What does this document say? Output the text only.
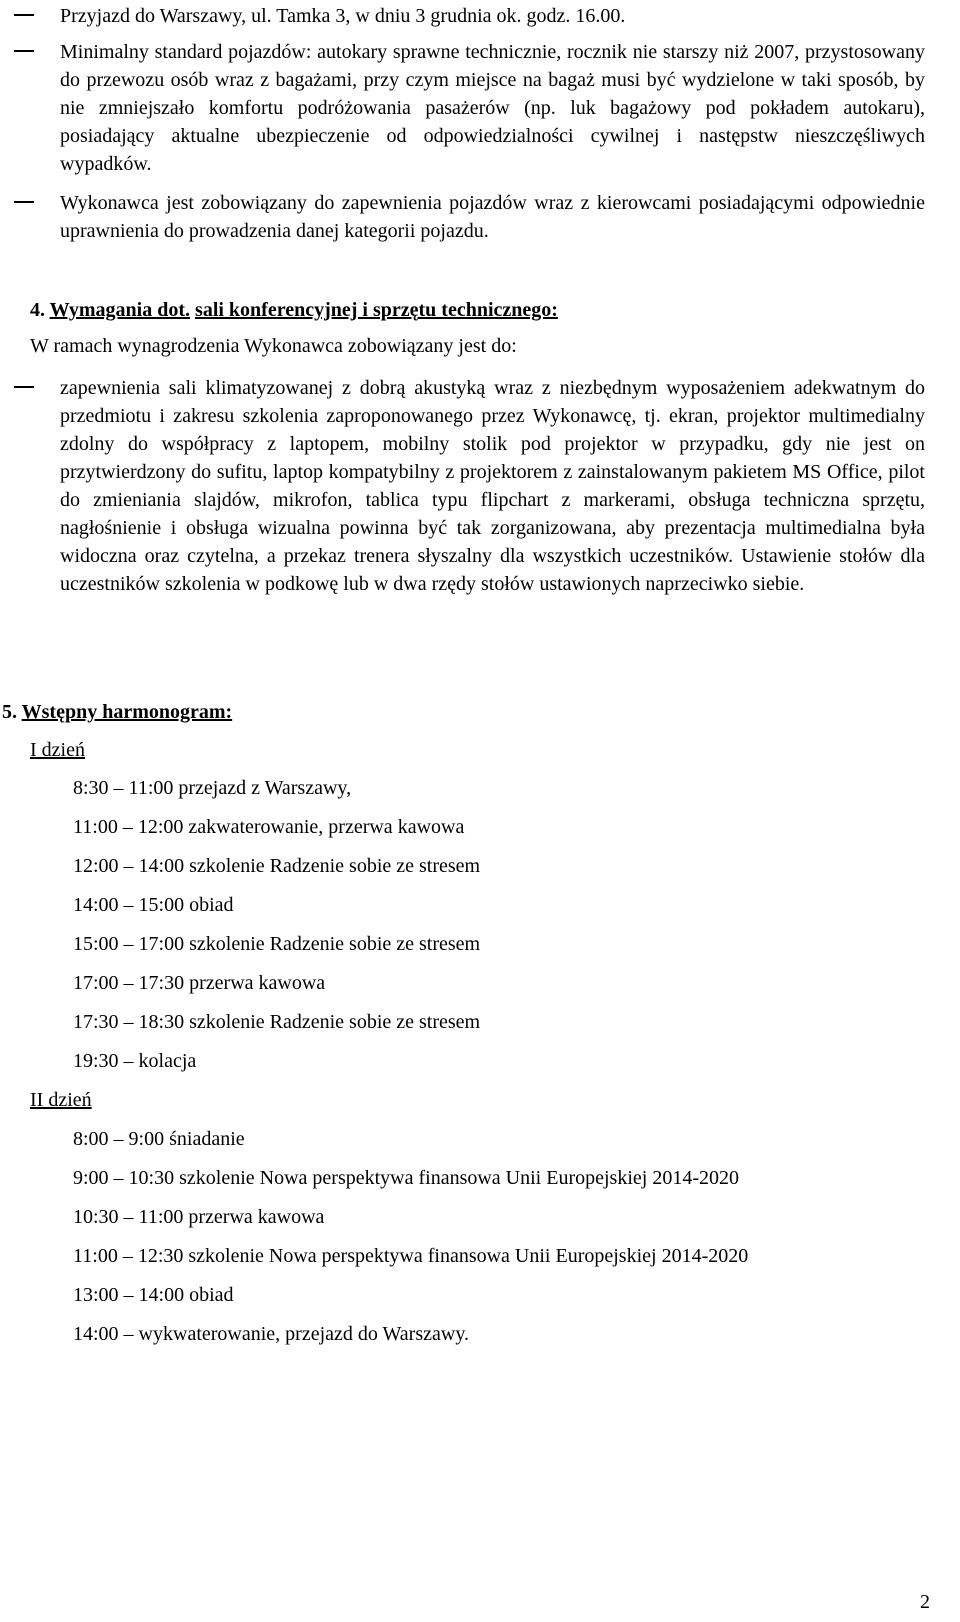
Przyjazd do Warszawy, ul. Tamka 3, w dniu 3 grudnia ok. godz. 16.00.
Minimalny standard pojazdów: autokary sprawne technicznie, rocznik nie starszy niż 2007, przystosowany do przewozu osób wraz z bagażami, przy czym miejsce na bagaż musi być wydzielone w taki sposób, by nie zmniejszało komfortu podróżowania pasażerów (np. luk bagażowy pod pokładem autokaru), posiadający aktualne ubezpieczenie od odpowiedzialności cywilnej i następstw nieszczęśliwych wypadków.
Wykonawca jest zobowiązany do zapewnienia pojazdów wraz z kierowcami posiadającymi odpowiednie uprawnienia do prowadzenia danej kategorii pojazdu.
4. Wymagania dot. sali konferencyjnej i sprzętu technicznego:
W ramach wynagrodzenia Wykonawca zobowiązany jest do:
zapewnienia sali klimatyzowanej z dobrą akustyką wraz z niezbędnym wyposażeniem adekwatnym do przedmiotu i zakresu szkolenia zaproponowanego przez Wykonawcę, tj. ekran, projektor multimedialny zdolny do współpracy z laptopem, mobilny stolik pod projektor w przypadku, gdy nie jest on przytwierdzony do sufitu, laptop kompatybilny z projektorem z zainstalowanym pakietem MS Office, pilot do zmieniania slajdów, mikrofon, tablica typu flipchart z markerami, obsługa techniczna sprzętu, nagłośnienie i obsługa wizualna powinna być tak zorganizowana, aby prezentacja multimedialna była widoczna oraz czytelna, a przekaz trenera słyszalny dla wszystkich uczestników. Ustawienie stołów dla uczestników szkolenia w podkowę lub w dwa rzędy stołów ustawionych naprzeciwko siebie.
5. Wstępny harmonogram:
I dzień
8:30 – 11:00 przejazd z Warszawy,
11:00 – 12:00 zakwaterowanie, przerwa kawowa
12:00 – 14:00 szkolenie Radzenie sobie ze stresem
14:00 – 15:00 obiad
15:00 – 17:00 szkolenie Radzenie sobie ze stresem
17:00 – 17:30 przerwa kawowa
17:30 – 18:30 szkolenie Radzenie sobie ze stresem
19:30 – kolacja
II dzień
8:00 – 9:00 śniadanie
9:00 – 10:30 szkolenie Nowa perspektywa finansowa Unii Europejskiej 2014-2020
10:30 – 11:00 przerwa kawowa
11:00 – 12:30 szkolenie Nowa perspektywa finansowa Unii Europejskiej 2014-2020
13:00 – 14:00 obiad
14:00 – wykwaterowanie, przejazd do Warszawy.
2
